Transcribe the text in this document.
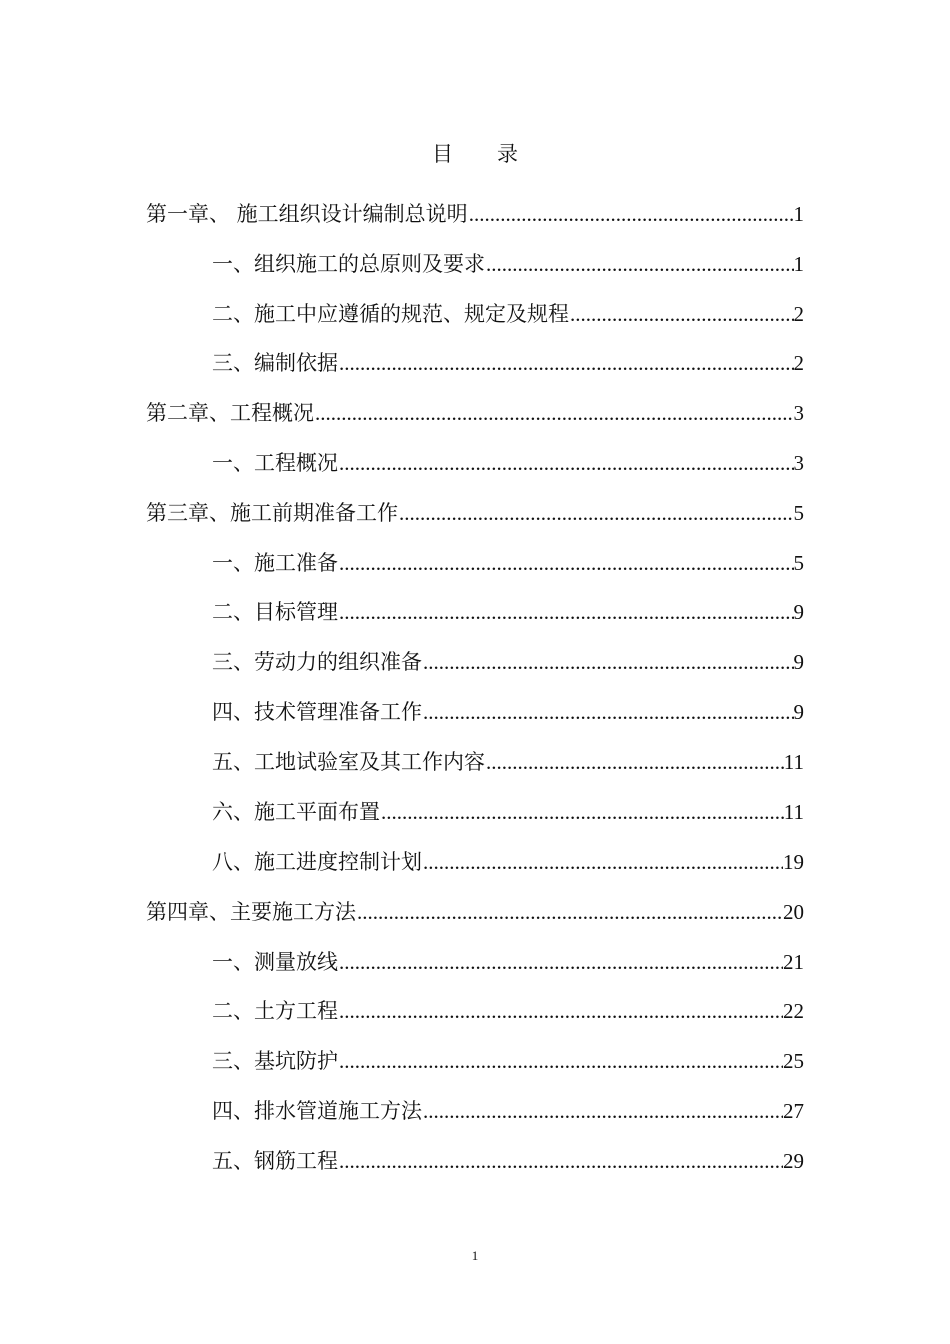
目 录
第一章、 施工组织设计编制总说明 .....	1
一、组织施工的总原则及要求 .....	1
二、施工中应遵循的规范、规定及规程 .....	2
三、编制依据 .....	2
第二章、工程概况 .....	3
一、工程概况 .....	3
第三章、施工前期准备工作 .....	5
一、施工准备 .....	5
二、目标管理 .....	9
三、劳动力的组织准备 .....	9
四、技术管理准备工作 .....	9
五、工地试验室及其工作内容 .....	11
六、施工平面布置 .....	11
八、施工进度控制计划 .....	19
第四章、主要施工方法 .....	20
一、测量放线 .....	21
二、土方工程 .....	22
三、基坑防护 .....	25
四、排水管道施工方法 .....	27
五、钢筋工程 .....	29
1
